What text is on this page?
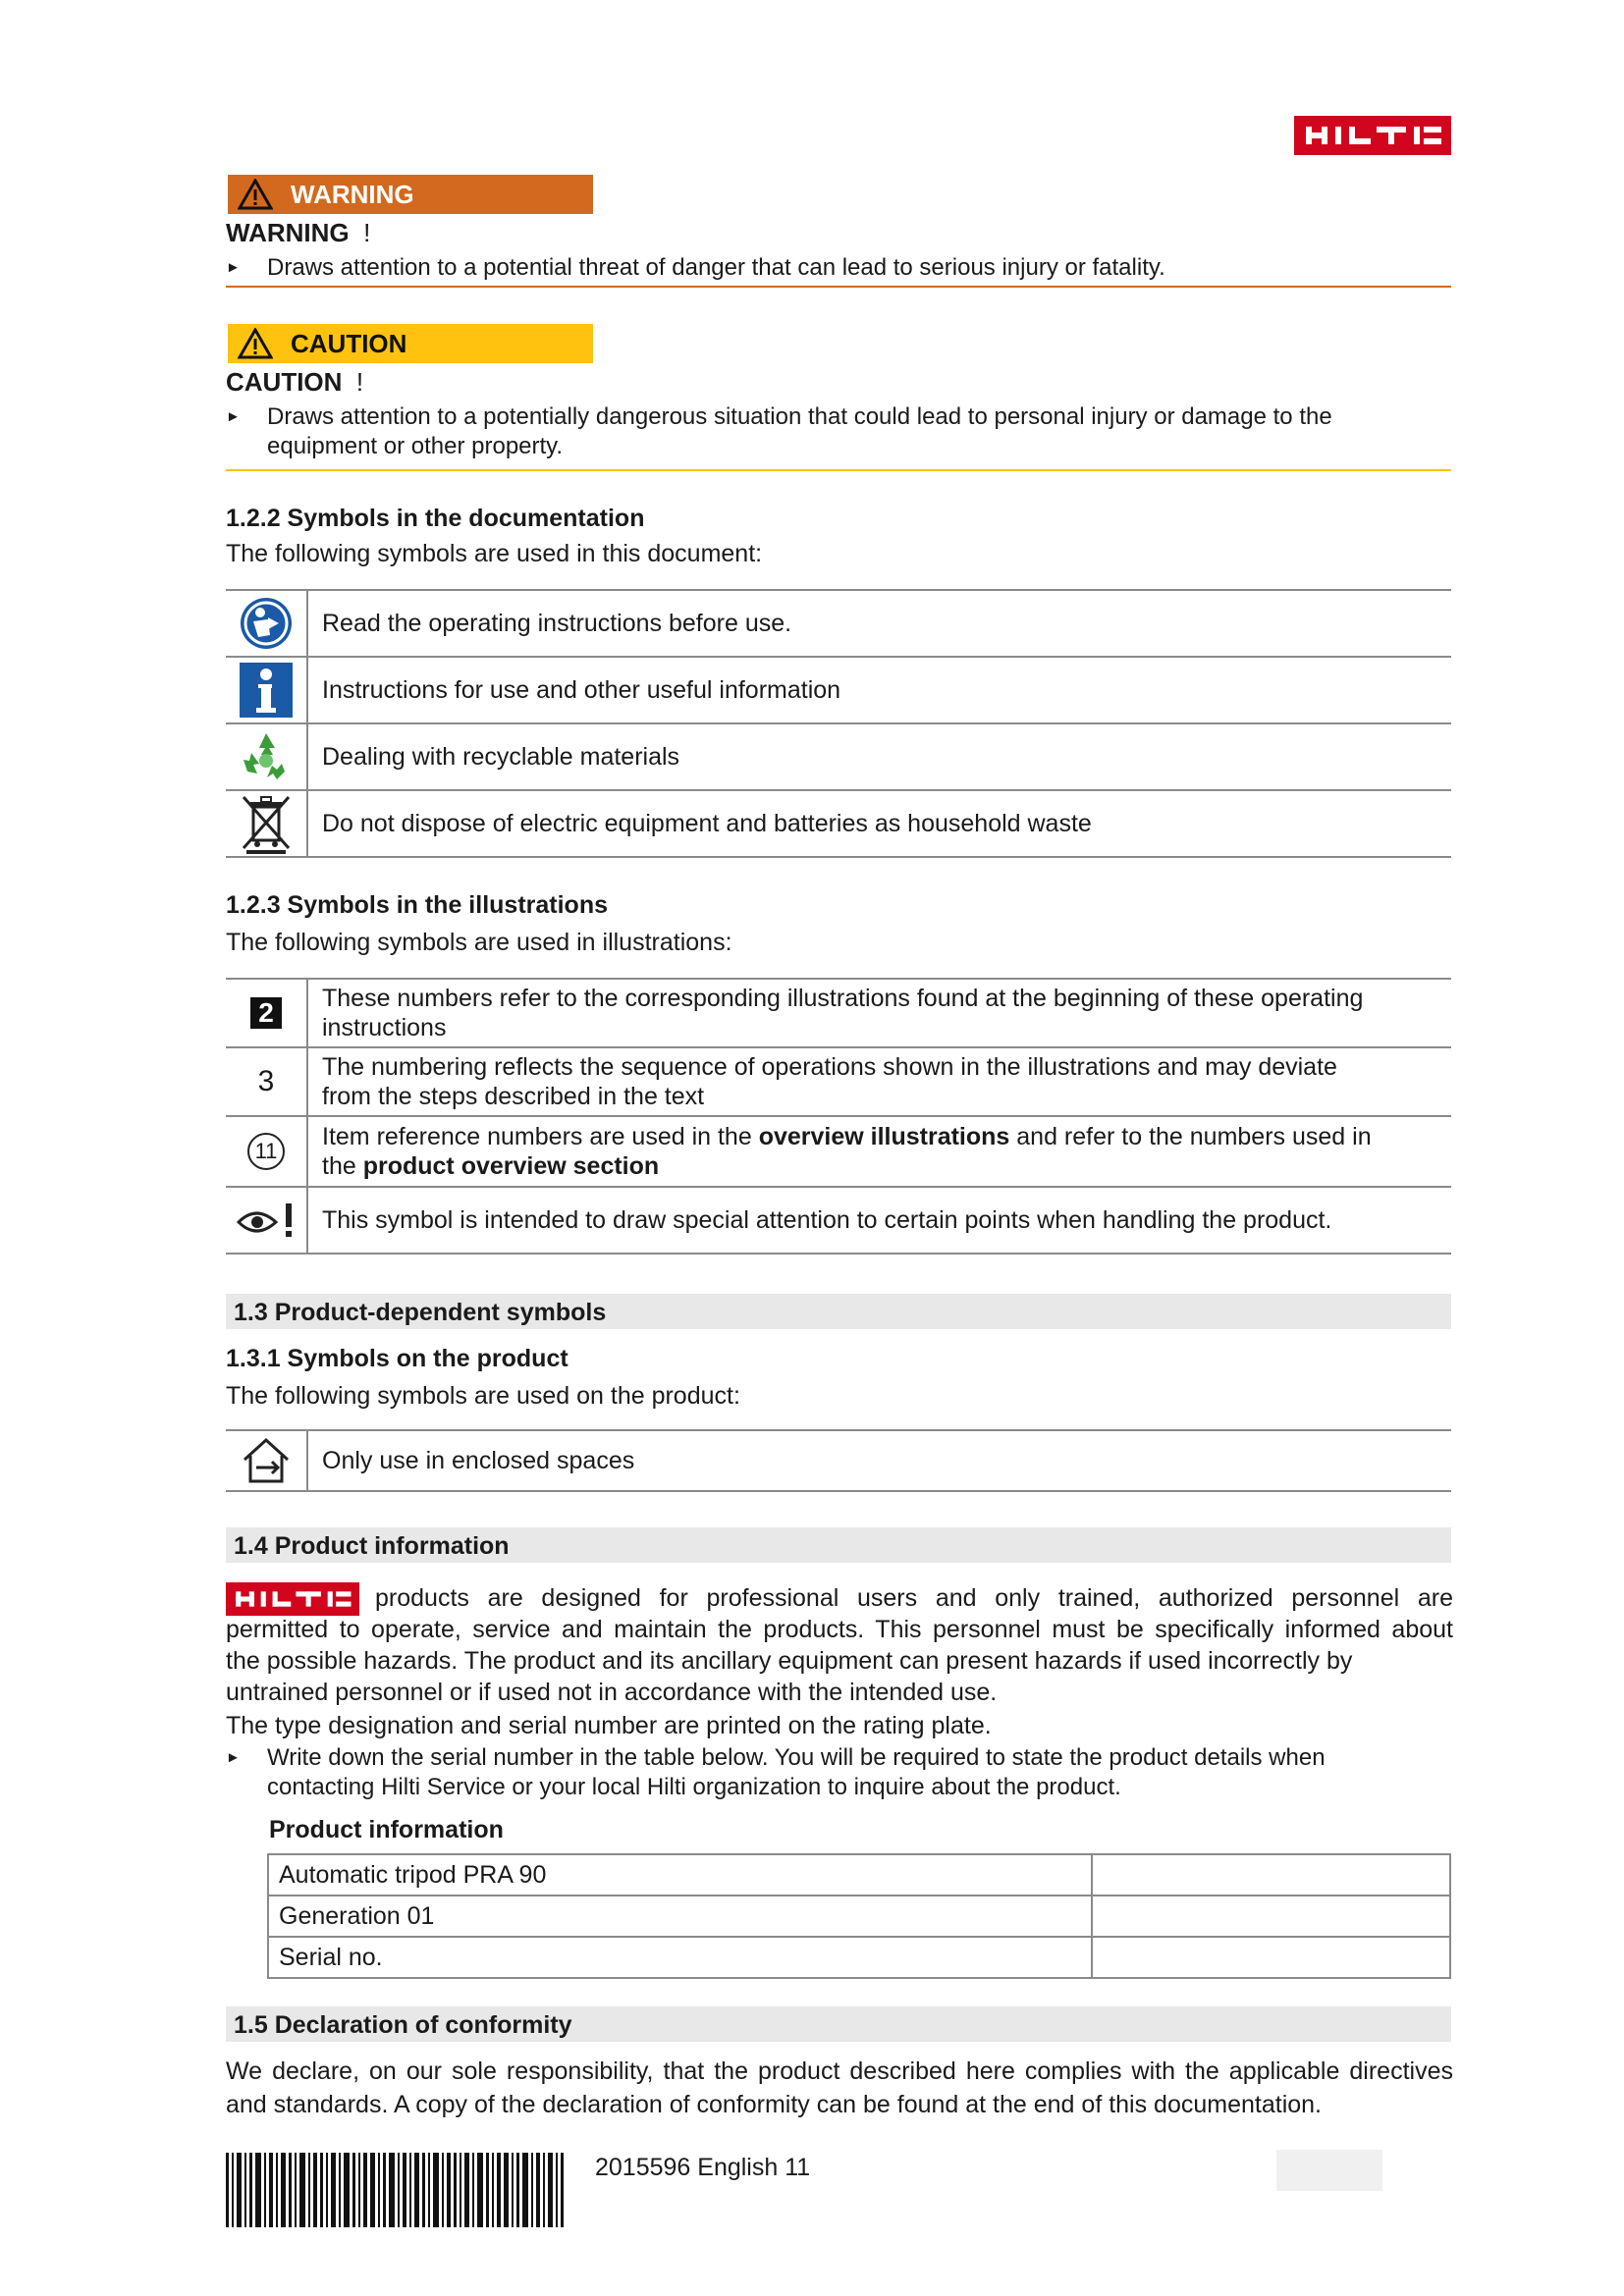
WARNING
WARNING !
► Draws attention to a potential threat of danger that can lead to serious injury or fatality.
CAUTION
CAUTION !
► Draws attention to a potentially dangerous situation that could lead to personal injury or damage to the
equipment or other property.
1.2.2 Symbols in the documentation
The following symbols are used in this document:
	Read the operating instructions before use.

	Instructions for use and other useful information

	Dealing with recyclable materials

	Do not dispose of electric equipment and batteries as household waste
1.2.3 Symbols in the illustrations
The following symbols are used in illustrations:
2	These numbers refer to the corresponding illustrations found at the beginning of these operating
instructions

3	The numbering reflects the sequence of operations shown in the illustrations and may deviate
from the steps described in the text

11	Item reference numbers are used in the overview illustrations and refer to the numbers used in
the product overview section

	This symbol is intended to draw special attention to certain points when handling the product.
1.3 Product-dependent symbols
1.3.1 Symbols on the product
The following symbols are used on the product:
	Only use in enclosed spaces
1.4 Product information
products are designed for professional users and only trained, authorized personnel are
permitted to operate, service and maintain the products. This personnel must be specifically informed about
the possible hazards. The product and its ancillary equipment can present hazards if used incorrectly by
untrained personnel or if used not in accordance with the intended use.
The type designation and serial number are printed on the rating plate.
► Write down the serial number in the table below. You will be required to state the product details when
contacting Hilti Service or your local Hilti organization to inquire about the product.
Product information
Automatic tripod PRA 90	
Generation 01	
Serial no.	
1.5 Declaration of conformity
We declare, on our sole responsibility, that the product described here complies with the applicable directives
and standards. A copy of the declaration of conformity can be found at the end of this documentation.
2015596 English 11
